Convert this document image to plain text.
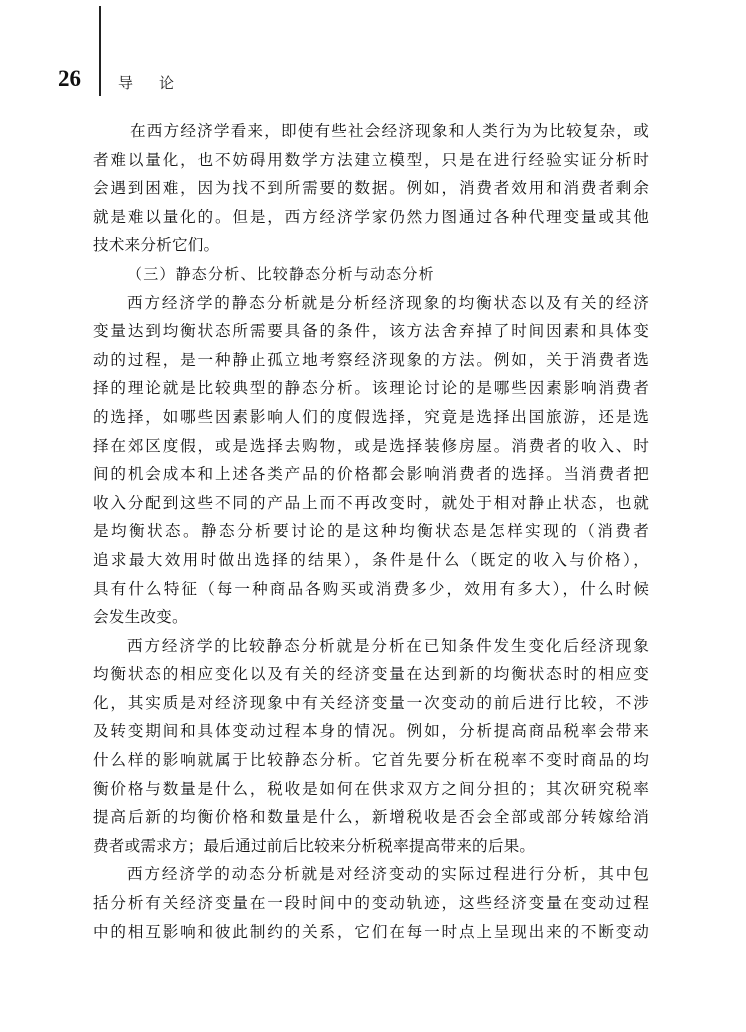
26 导论
在西方经济学看来，即使有些社会经济现象和人类行为为比较复杂，或
者难以量化，也不妨碍用数学方法建立模型，只是在进行经验实证分析时
会遇到困难，因为找不到所需要的数据。例如，消费者效用和消费者剩余
就是难以量化的。但是，西方经济学家仍然力图通过各种代理变量或其他
技术来分析它们。
（三）静态分析、比较静态分析与动态分析
西方经济学的静态分析就是分析经济现象的均衡状态以及有关的经济
变量达到均衡状态所需要具备的条件，该方法舍弃掉了时间因素和具体变
动的过程，是一种静止孤立地考察经济现象的方法。例如，关于消费者选
择的理论就是比较典型的静态分析。该理论讨论的是哪些因素影响消费者
的选择，如哪些因素影响人们的度假选择，究竟是选择出国旅游，还是选
择在郊区度假，或是选择去购物，或是选择装修房屋。消费者的收入、时
间的机会成本和上述各类产品的价格都会影响消费者的选择。当消费者把
收入分配到这些不同的产品上而不再改变时，就处于相对静止状态，也就
是均衡状态。静态分析要讨论的是这种均衡状态是怎样实现的（消费者
追求最大效用时做出选择的结果），条件是什么（既定的收入与价格），
具有什么特征（每一种商品各购买或消费多少，效用有多大），什么时候
会发生改变。
西方经济学的比较静态分析就是分析在已知条件发生变化后经济现象
均衡状态的相应变化以及有关的经济变量在达到新的均衡状态时的相应变
化，其实质是对经济现象中有关经济变量一次变动的前后进行比较，不涉
及转变期间和具体变动过程本身的情况。例如，分析提高商品税率会带来
什么样的影响就属于比较静态分析。它首先要分析在税率不变时商品的均
衡价格与数量是什么，税收是如何在供求双方之间分担的；其次研究税率
提高后新的均衡价格和数量是什么，新增税收是否会全部或部分转嫁给消
费者或需求方；最后通过前后比较来分析税率提高带来的后果。
西方经济学的动态分析就是对经济变动的实际过程进行分析，其中包
括分析有关经济变量在一段时间中的变动轨迹，这些经济变量在变动过程
中的相互影响和彼此制约的关系，它们在每一时点上呈现出来的不断变动
